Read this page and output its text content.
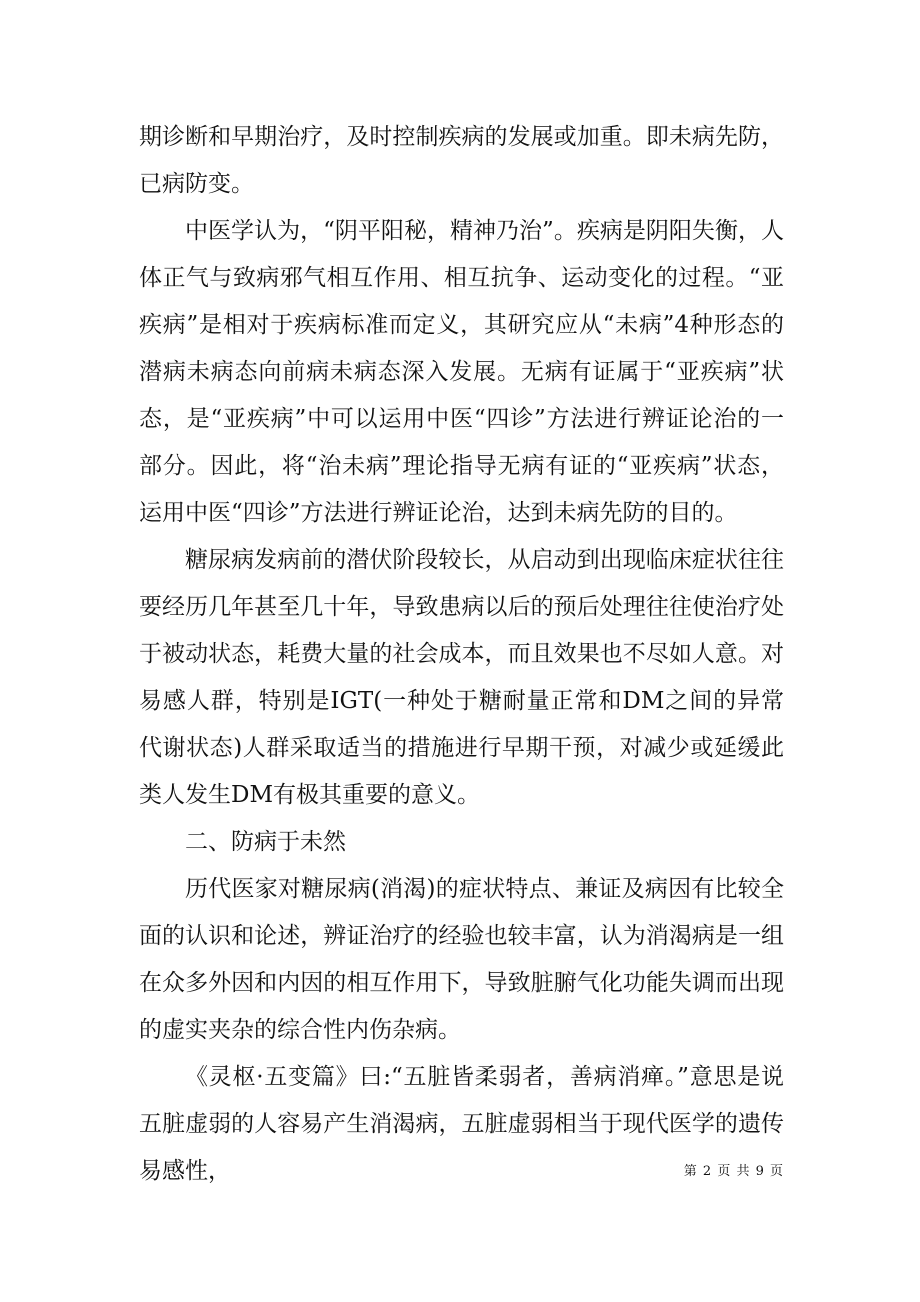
期诊断和早期治疗，及时控制疾病的发展或加重。即未病先防，已病防变。

中医学认为，“阴平阳秘，精神乃治”。疾病是阴阳失衡，人体正气与致病邪气相互作用、相互抗争、运动变化的过程。“亚疾病”是相对于疾病标准而定义，其研究应从“未病”4种形态的潜病未病态向前病未病态深入发展。无病有证属于“亚疾病”状态，是“亚疾病”中可以运用中医“四诊”方法进行辨证论治的一部分。因此，将“治未病”理论指导无病有证的“亚疾病”状态，运用中医“四诊”方法进行辨证论治，达到未病先防的目的。

糖尿病发病前的潜伏阶段较长，从启动到出现临床症状往往要经历几年甚至几十年，导致患病以后的预后处理往往使治疗处于被动状态，耗费大量的社会成本，而且效果也不尽如人意。对易感人群，特别是IGT(一种处于糖耐量正常和DM之间的异常代谢状态)人群采取适当的措施进行早期干预，对减少或延缓此类人发生DM有极其重要的意义。

二、防病于未然

历代医家对糖尿病(消渴)的症状特点、兼证及病因有比较全面的认识和论述，辨证治疗的经验也较丰富，认为消渴病是一组在众多外因和内因的相互作用下，导致脏腑气化功能失调而出现的虚实夹杂的综合性内伤杂病。

《灵枢·五变篇》曰:“五脏皆柔弱者，善病消瘅。”意思是说五脏虚弱的人容易产生消渴病，五脏虚弱相当于现代医学的遗传易感性，	第 2 页 共 9 页
